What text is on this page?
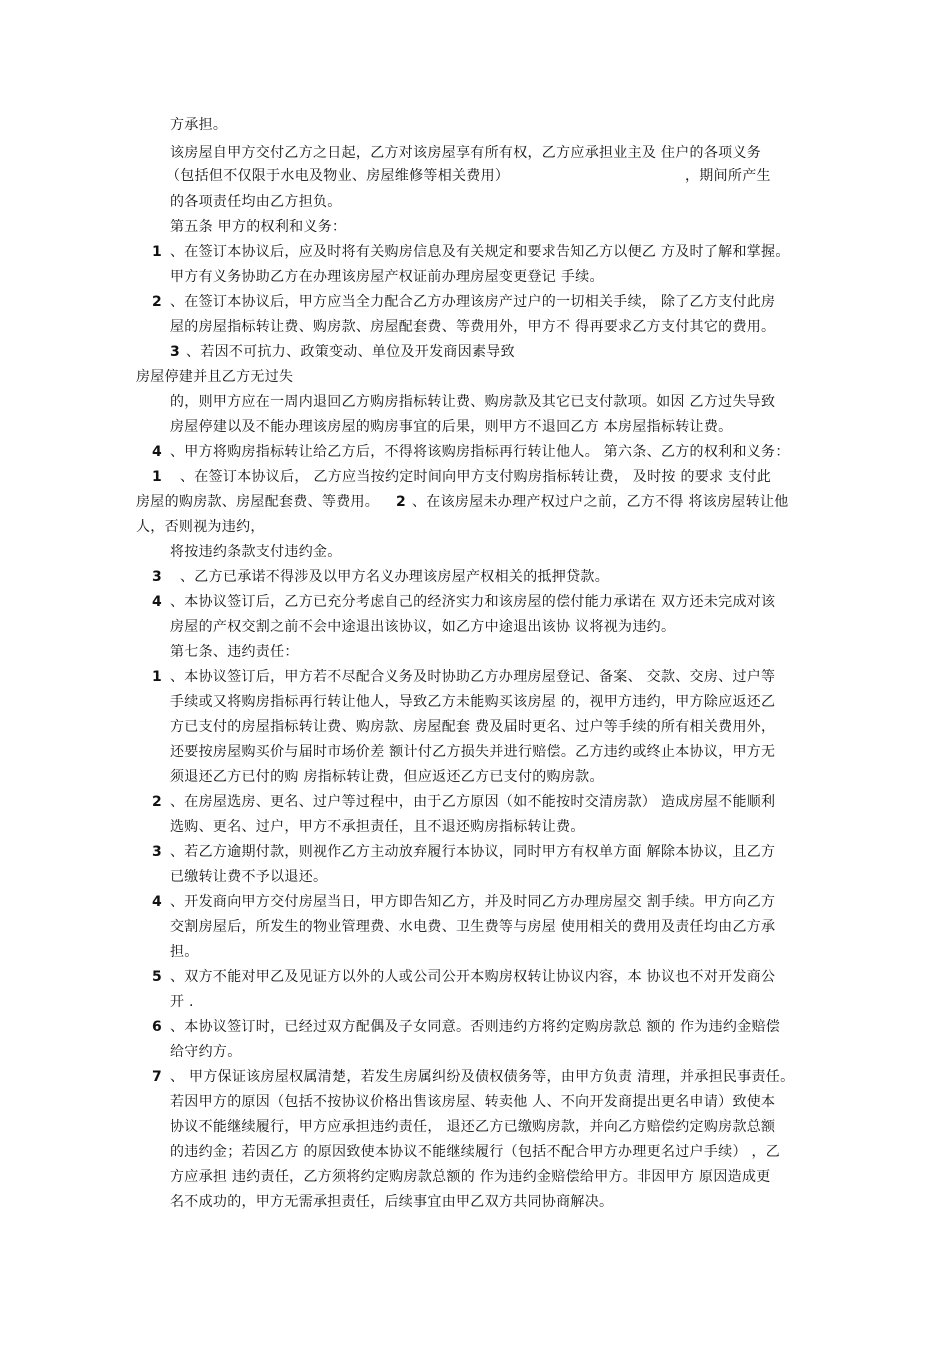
方承担。
该房屋自甲方交付乙方之日起，乙方对该房屋享有所有权，乙方应承担业主及 住户的各项义务
（包括但不仅限于水电及物业、房屋维修等相关费用）	，期间所产生
的各项责任均由乙方担负。
第五条 甲方的权利和义务：
1 、在签订本协议后，应及时将有关购房信息及有关规定和要求告知乙方以便乙 方及时了解和掌握。
甲方有义务协助乙方在办理该房屋产权证前办理房屋变更登记 手续。
2 、在签订本协议后，甲方应当全力配合乙方办理该房产过户的一切相关手续， 除了乙方支付此房
屋的房屋指标转让费、购房款、房屋配套费、等费用外，甲方不 得再要求乙方支付其它的费用。
3 、若因不可抗力、政策变动、单位及开发商因素导致
房屋停建并且乙方无过失
的，则甲方应在一周内退回乙方购房指标转让费、购房款及其它已支付款项。如因 乙方过失导致
房屋停建以及不能办理该房屋的购房事宜的后果，则甲方不退回乙方 本房屋指标转让费。
4 、甲方将购房指标转让给乙方后，不得将该购房指标再行转让他人。 第六条、乙方的权利和义务：
1 、在签订本协议后， 乙方应当按约定时间向甲方支付购房指标转让费， 及时按 的要求 支付此
房屋的购房款、房屋配套费、等费用。 2 、在该房屋未办理产权过户之前，乙方不得 将该房屋转让他
人，否则视为违约，
将按违约条款支付违约金。
3 、乙方已承诺不得涉及以甲方名义办理该房屋产权相关的抵押贷款。
4 、本协议签订后，乙方已充分考虑自己的经济实力和该房屋的偿付能力承诺在 双方还未完成对该
房屋的产权交割之前不会中途退出该协议，如乙方中途退出该协 议将视为违约。
第七条、违约责任：
1 、本协议签订后，甲方若不尽配合义务及时协助乙方办理房屋登记、备案、 交款、交房、过户等
手续或又将购房指标再行转让他人，导致乙方未能购买该房屋 的，视甲方违约，甲方除应返还乙
方已支付的房屋指标转让费、购房款、房屋配套 费及届时更名、过户等手续的所有相关费用外，
还要按房屋购买价与届时市场价差 额计付乙方损失并进行赔偿。乙方违约或终止本协议，甲方无
须退还乙方已付的购 房指标转让费，但应返还乙方已支付的购房款。
2 、在房屋选房、更名、过户等过程中，由于乙方原因（如不能按时交清房款） 造成房屋不能顺利
选购、更名、过户，甲方不承担责任，且不退还购房指标转让费。
3 、若乙方逾期付款，则视作乙方主动放弃履行本协议，同时甲方有权单方面 解除本协议，且乙方
已缴转让费不予以退还。
4 、开发商向甲方交付房屋当日，甲方即告知乙方，并及时同乙方办理房屋交 割手续。甲方向乙方
交割房屋后，所发生的物业管理费、水电费、卫生费等与房屋 使用相关的费用及责任均由乙方承
担。
5 、双方不能对甲乙及见证方以外的人或公司公开本购房权转让协议内容，本 协议也不对开发商公
开 .
6 、本协议签订时，已经过双方配偶及子女同意。否则违约方将约定购房款总 额的 作为违约金赔偿
给守约方。
7 、 甲方保证该房屋权属清楚，若发生房属纠纷及债权债务等，由甲方负责 清理，并承担民事责任。
若因甲方的原因（包括不按协议价格出售该房屋、转卖他 人、不向开发商提出更名申请）致使本
协议不能继续履行，甲方应承担违约责任， 退还乙方已缴购房款，并向乙方赔偿约定购房款总额
的违约金；若因乙方 的原因致使本协议不能继续履行（包括不配合甲方办理更名过户手续） ，乙
方应承担 违约责任，乙方须将约定购房款总额的 作为违约金赔偿给甲方。非因甲方 原因造成更
名不成功的，甲方无需承担责任，后续事宜由甲乙双方共同协商解决。
